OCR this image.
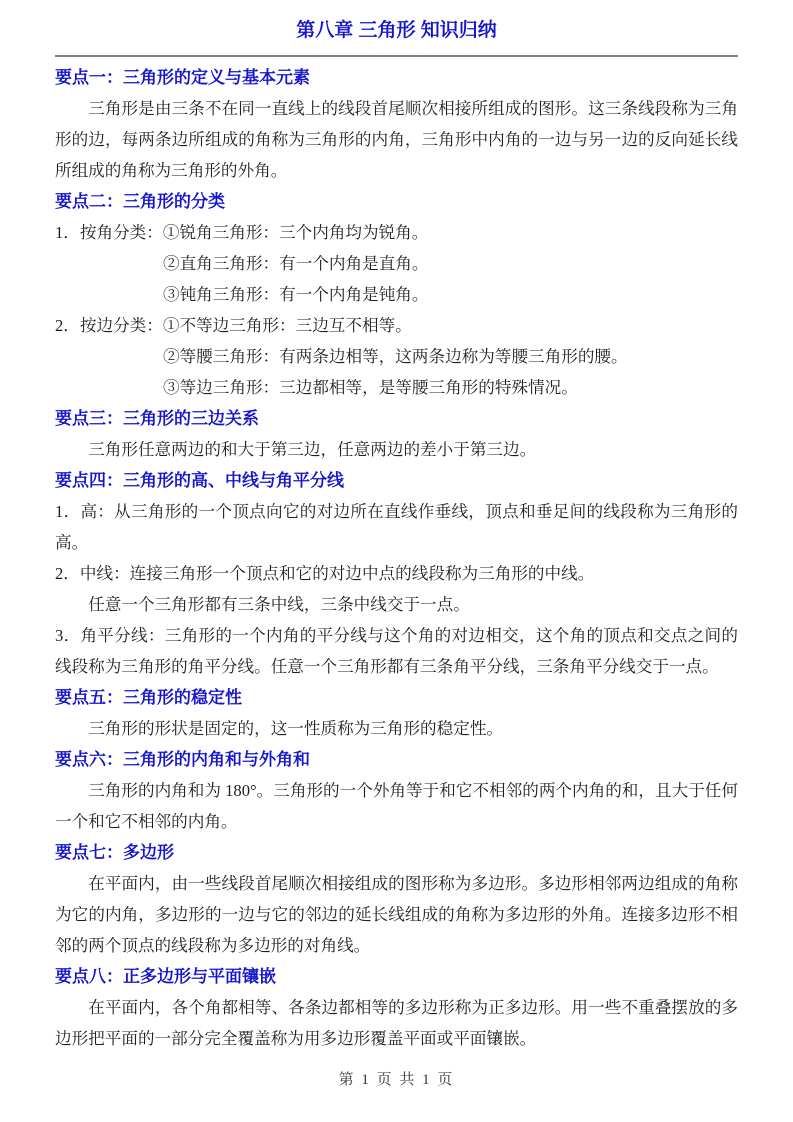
第八章 三角形 知识归纳
要点一：三角形的定义与基本元素
三角形是由三条不在同一直线上的线段首尾顺次相接所组成的图形。这三条线段称为三角形的边，每两条边所组成的角称为三角形的内角，三角形中内角的一边与另一边的反向延长线所组成的角称为三角形的外角。
要点二：三角形的分类
1．按角分类：①锐角三角形：三个内角均为锐角。
②直角三角形：有一个内角是直角。
③钝角三角形：有一个内角是钝角。
2．按边分类：①不等边三角形：三边互不相等。
②等腰三角形：有两条边相等，这两条边称为等腰三角形的腰。
③等边三角形：三边都相等，是等腰三角形的特殊情况。
要点三：三角形的三边关系
三角形任意两边的和大于第三边，任意两边的差小于第三边。
要点四：三角形的高、中线与角平分线
1．高：从三角形的一个顶点向它的对边所在直线作垂线，顶点和垂足间的线段称为三角形的高。
2．中线：连接三角形一个顶点和它的对边中点的线段称为三角形的中线。
任意一个三角形都有三条中线，三条中线交于一点。
3．角平分线：三角形的一个内角的平分线与这个角的对边相交，这个角的顶点和交点之间的线段称为三角形的角平分线。任意一个三角形都有三条角平分线，三条角平分线交于一点。
要点五：三角形的稳定性
三角形的形状是固定的，这一性质称为三角形的稳定性。
要点六：三角形的内角和与外角和
三角形的内角和为 180°。三角形的一个外角等于和它不相邻的两个内角的和，且大于任何一个和它不相邻的内角。
要点七：多边形
在平面内，由一些线段首尾顺次相接组成的图形称为多边形。多边形相邻两边组成的角称为它的内角，多边形的一边与它的邻边的延长线组成的角称为多边形的外角。连接多边形不相邻的两个顶点的线段称为多边形的对角线。
要点八：正多边形与平面镶嵌
在平面内，各个角都相等、各条边都相等的多边形称为正多边形。用一些不重叠摆放的多边形把平面的一部分完全覆盖称为用多边形覆盖平面或平面镶嵌。
第 1 页 共 1 页
